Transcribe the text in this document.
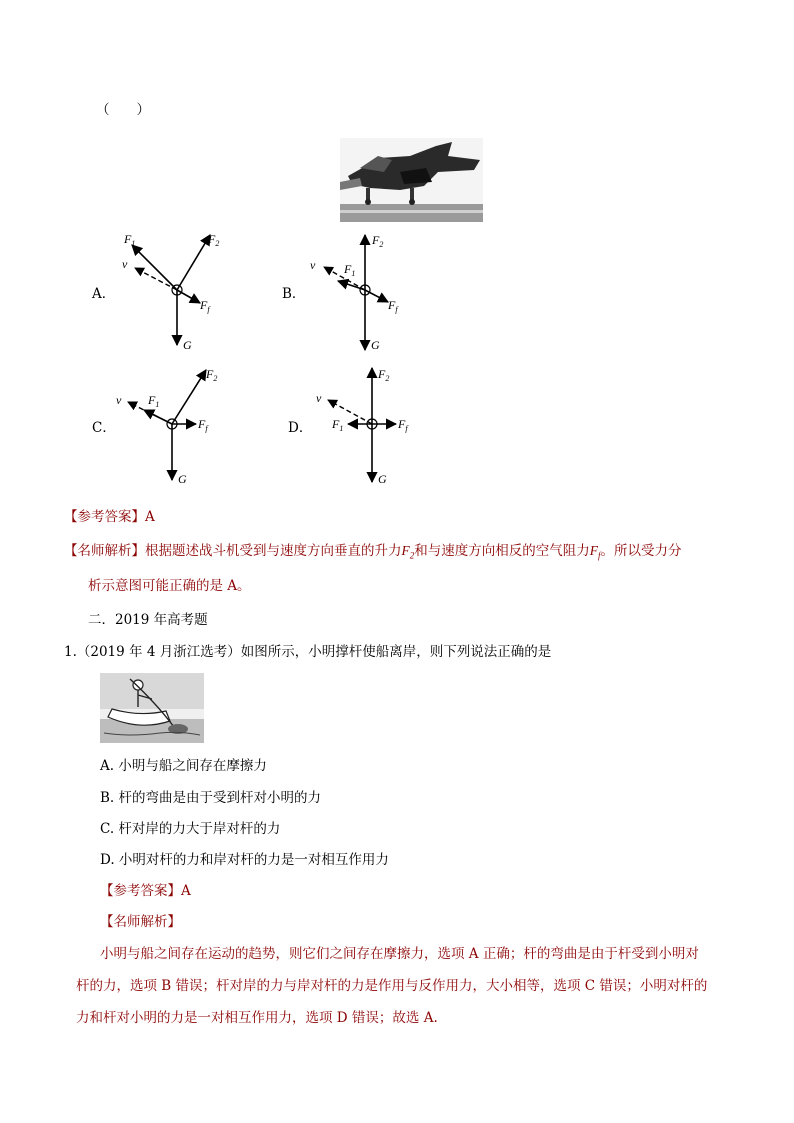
（　　）
A．
$F_1$	$F_2$
v
$F_f$
G
B．
$F_2$
v $F_1$
$F_f$
G
C．
$F_2$
v $F_1$
$F_f$
G
D．
$F_2$
v
$F_1$	$F_f$
G
【参考答案】A
【名师解析】根据题述战斗机受到与速度方向垂直的升力$F_2$和与速度方向相反的空气阻力$F_f$。所以受力分
析示意图可能正确的是 A。
二．2019 年高考题
1.（2019 年 4 月浙江选考）如图所示，小明撑杆使船离岸，则下列说法正确的是
A. 小明与船之间存在摩擦力
B. 杆的弯曲是由于受到杆对小明的力
C. 杆对岸的力大于岸对杆的力
D. 小明对杆的力和岸对杆的力是一对相互作用力
【参考答案】A
【名师解析】
小明与船之间存在运动的趋势，则它们之间存在摩擦力，选项 A 正确；杆的弯曲是由于杆受到小明对
杆的力，选项 B 错误；杆对岸的力与岸对杆的力是作用与反作用力，大小相等，选项 C 错误；小明对杆的
力和杆对小明的力是一对相互作用力，选项 D 错误；故选 A.
